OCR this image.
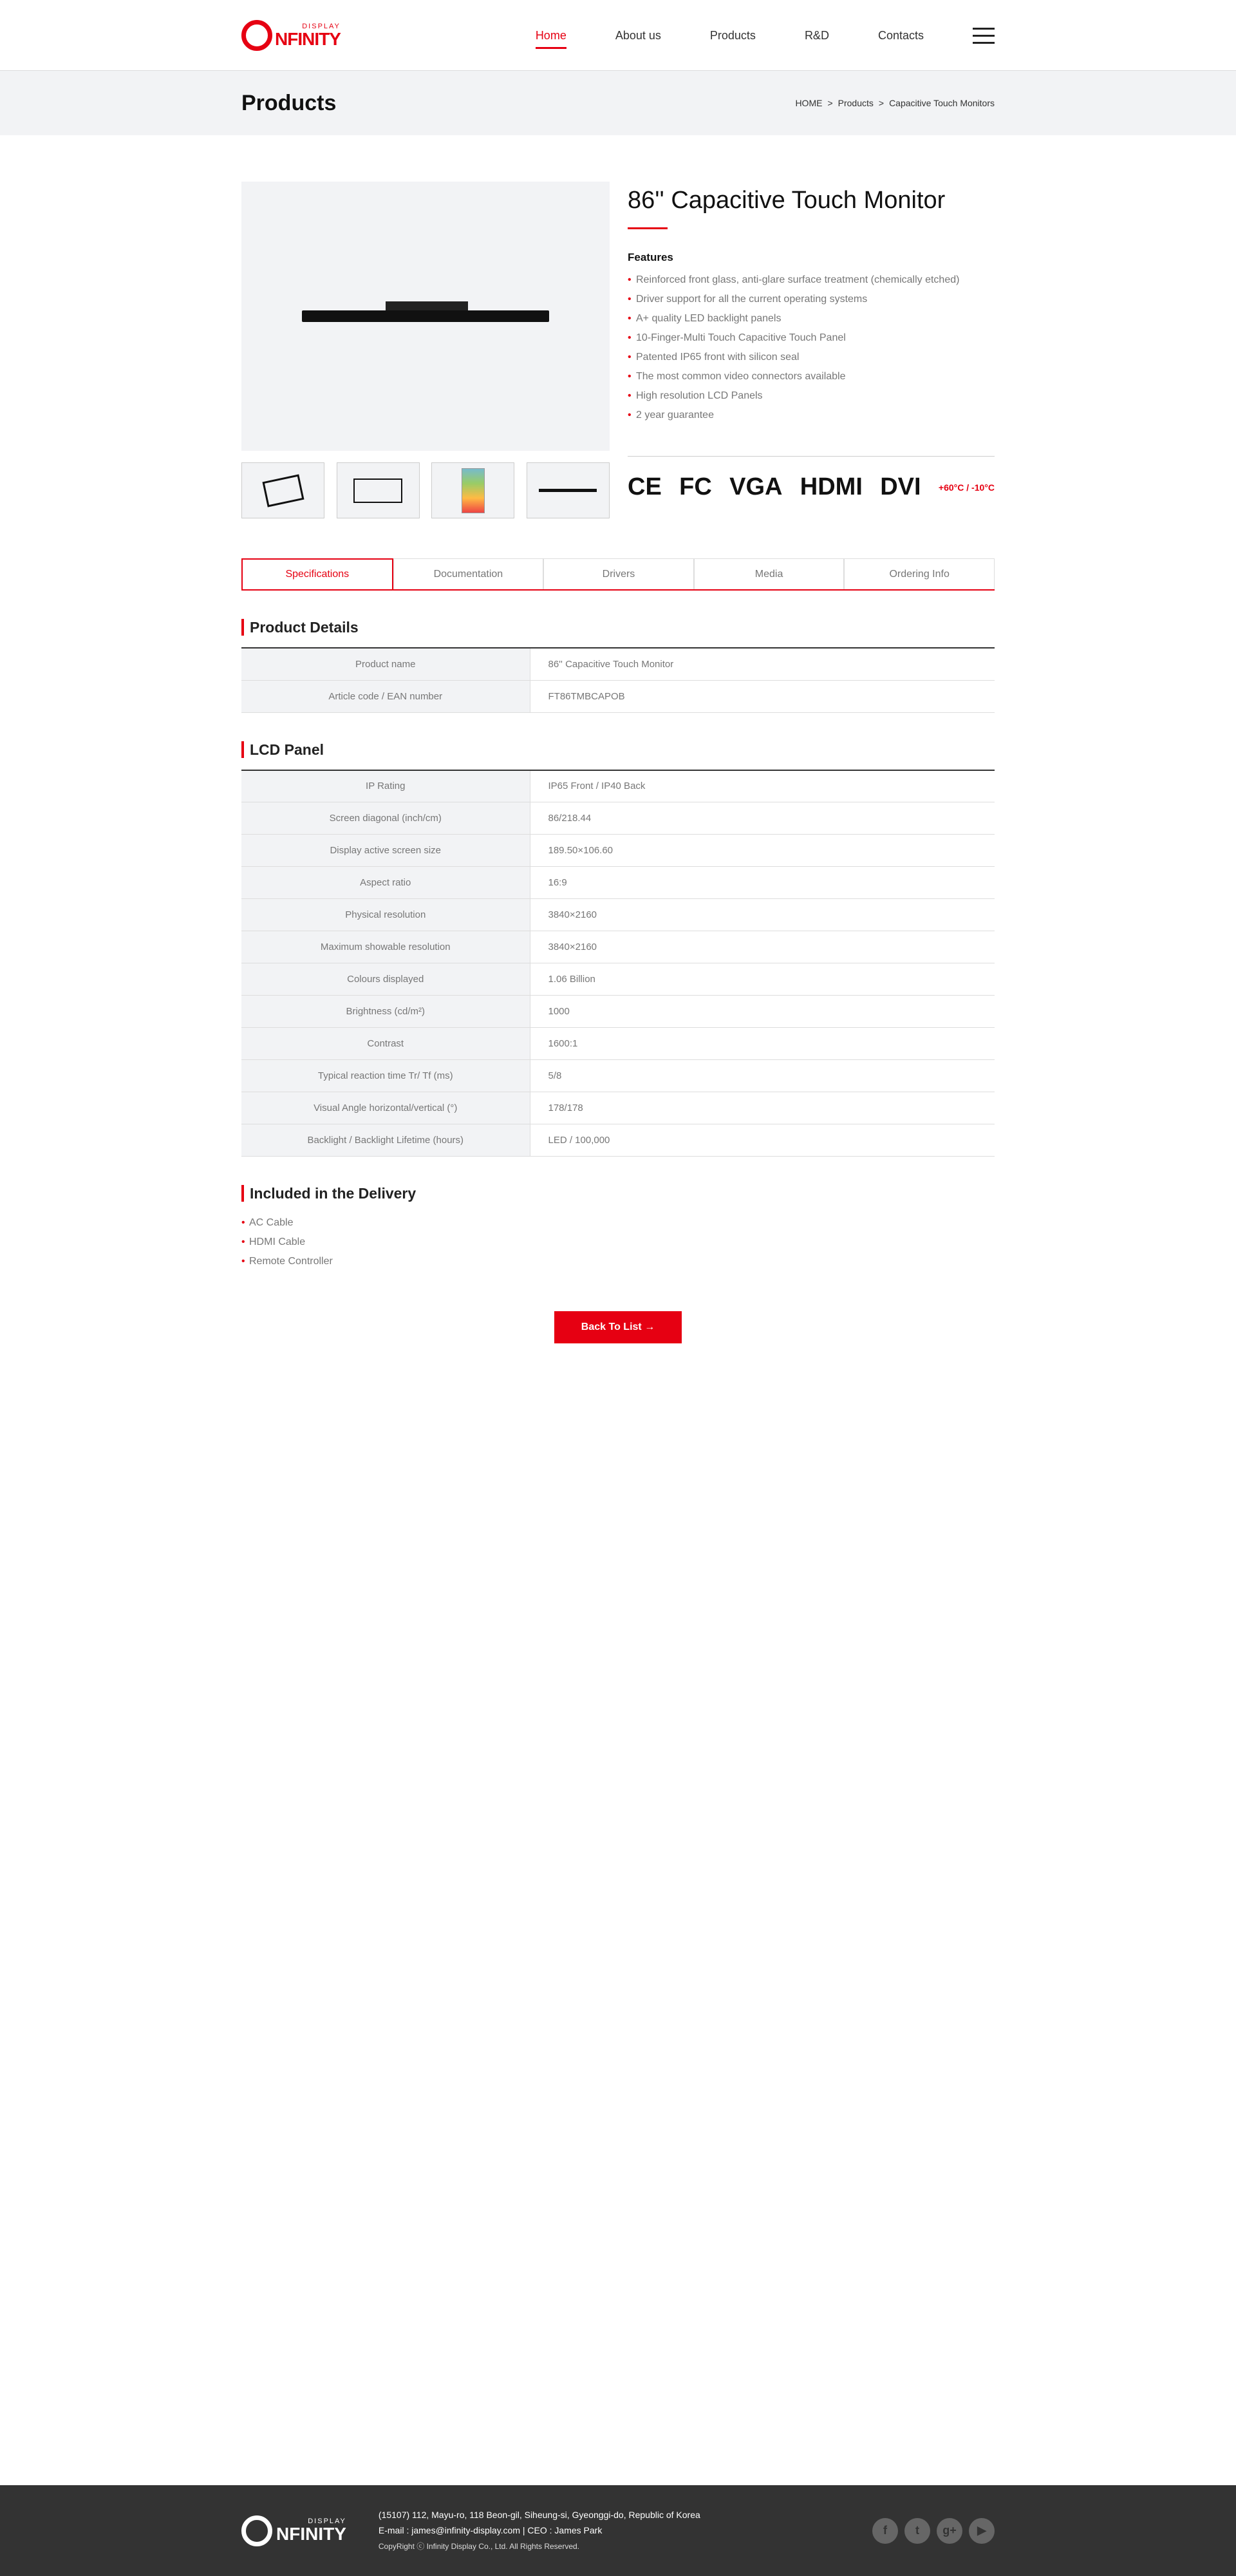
DISPLAY
NFINITY	Home	About us	Products	R&D	Contacts
Products	HOME > Products > Capacitive Touch Monitors
86'' Capacitive Touch Monitor
Features
• Reinforced front glass, anti-glare surface treatment (chemically etched)
• Driver support for all the current operating systems
• A+ quality LED backlight panels
• 10-Finger-Multi Touch Capacitive Touch Panel
• Patented IP65 front with silicon seal
• The most common video connectors available
• High resolution LCD Panels
• 2 year guarantee
CE FC VGA HDMI DVI +60°C / -10°C
Specifications	Documentation	Drivers	Media	Ordering Info
Product Details
Product name	86'' Capacitive Touch Monitor
Article code / EAN number	FT86TMBCAPOB
LCD Panel
IP Rating	IP65 Front / IP40 Back
Screen diagonal (inch/cm)	86/218.44
Display active screen size	189.50×106.60
Aspect ratio	16:9
Physical resolution	3840×2160
Maximum showable resolution	3840×2160
Colours displayed	1.06 Billion
Brightness (cd/m²)	1000
Contrast	1600:1
Typical reaction time Tr/ Tf (ms)	5/8
Visual Angle horizontal/vertical (°)	178/178
Backlight / Backlight Lifetime (hours)	LED / 100,000
Included in the Delivery
• AC Cable
• HDMI Cable
• Remote Controller
Back To List →
DISPLAY
NFINITY
(15107) 112, Mayu-ro, 118 Beon-gil, Siheung-si, Gyeonggi-do, Republic of Korea
E-mail : james@infinity-display.com | CEO : James Park
CopyRight ⓒ Infinity Display Co., Ltd. All Rights Reserved.
f	t	g+	▶
